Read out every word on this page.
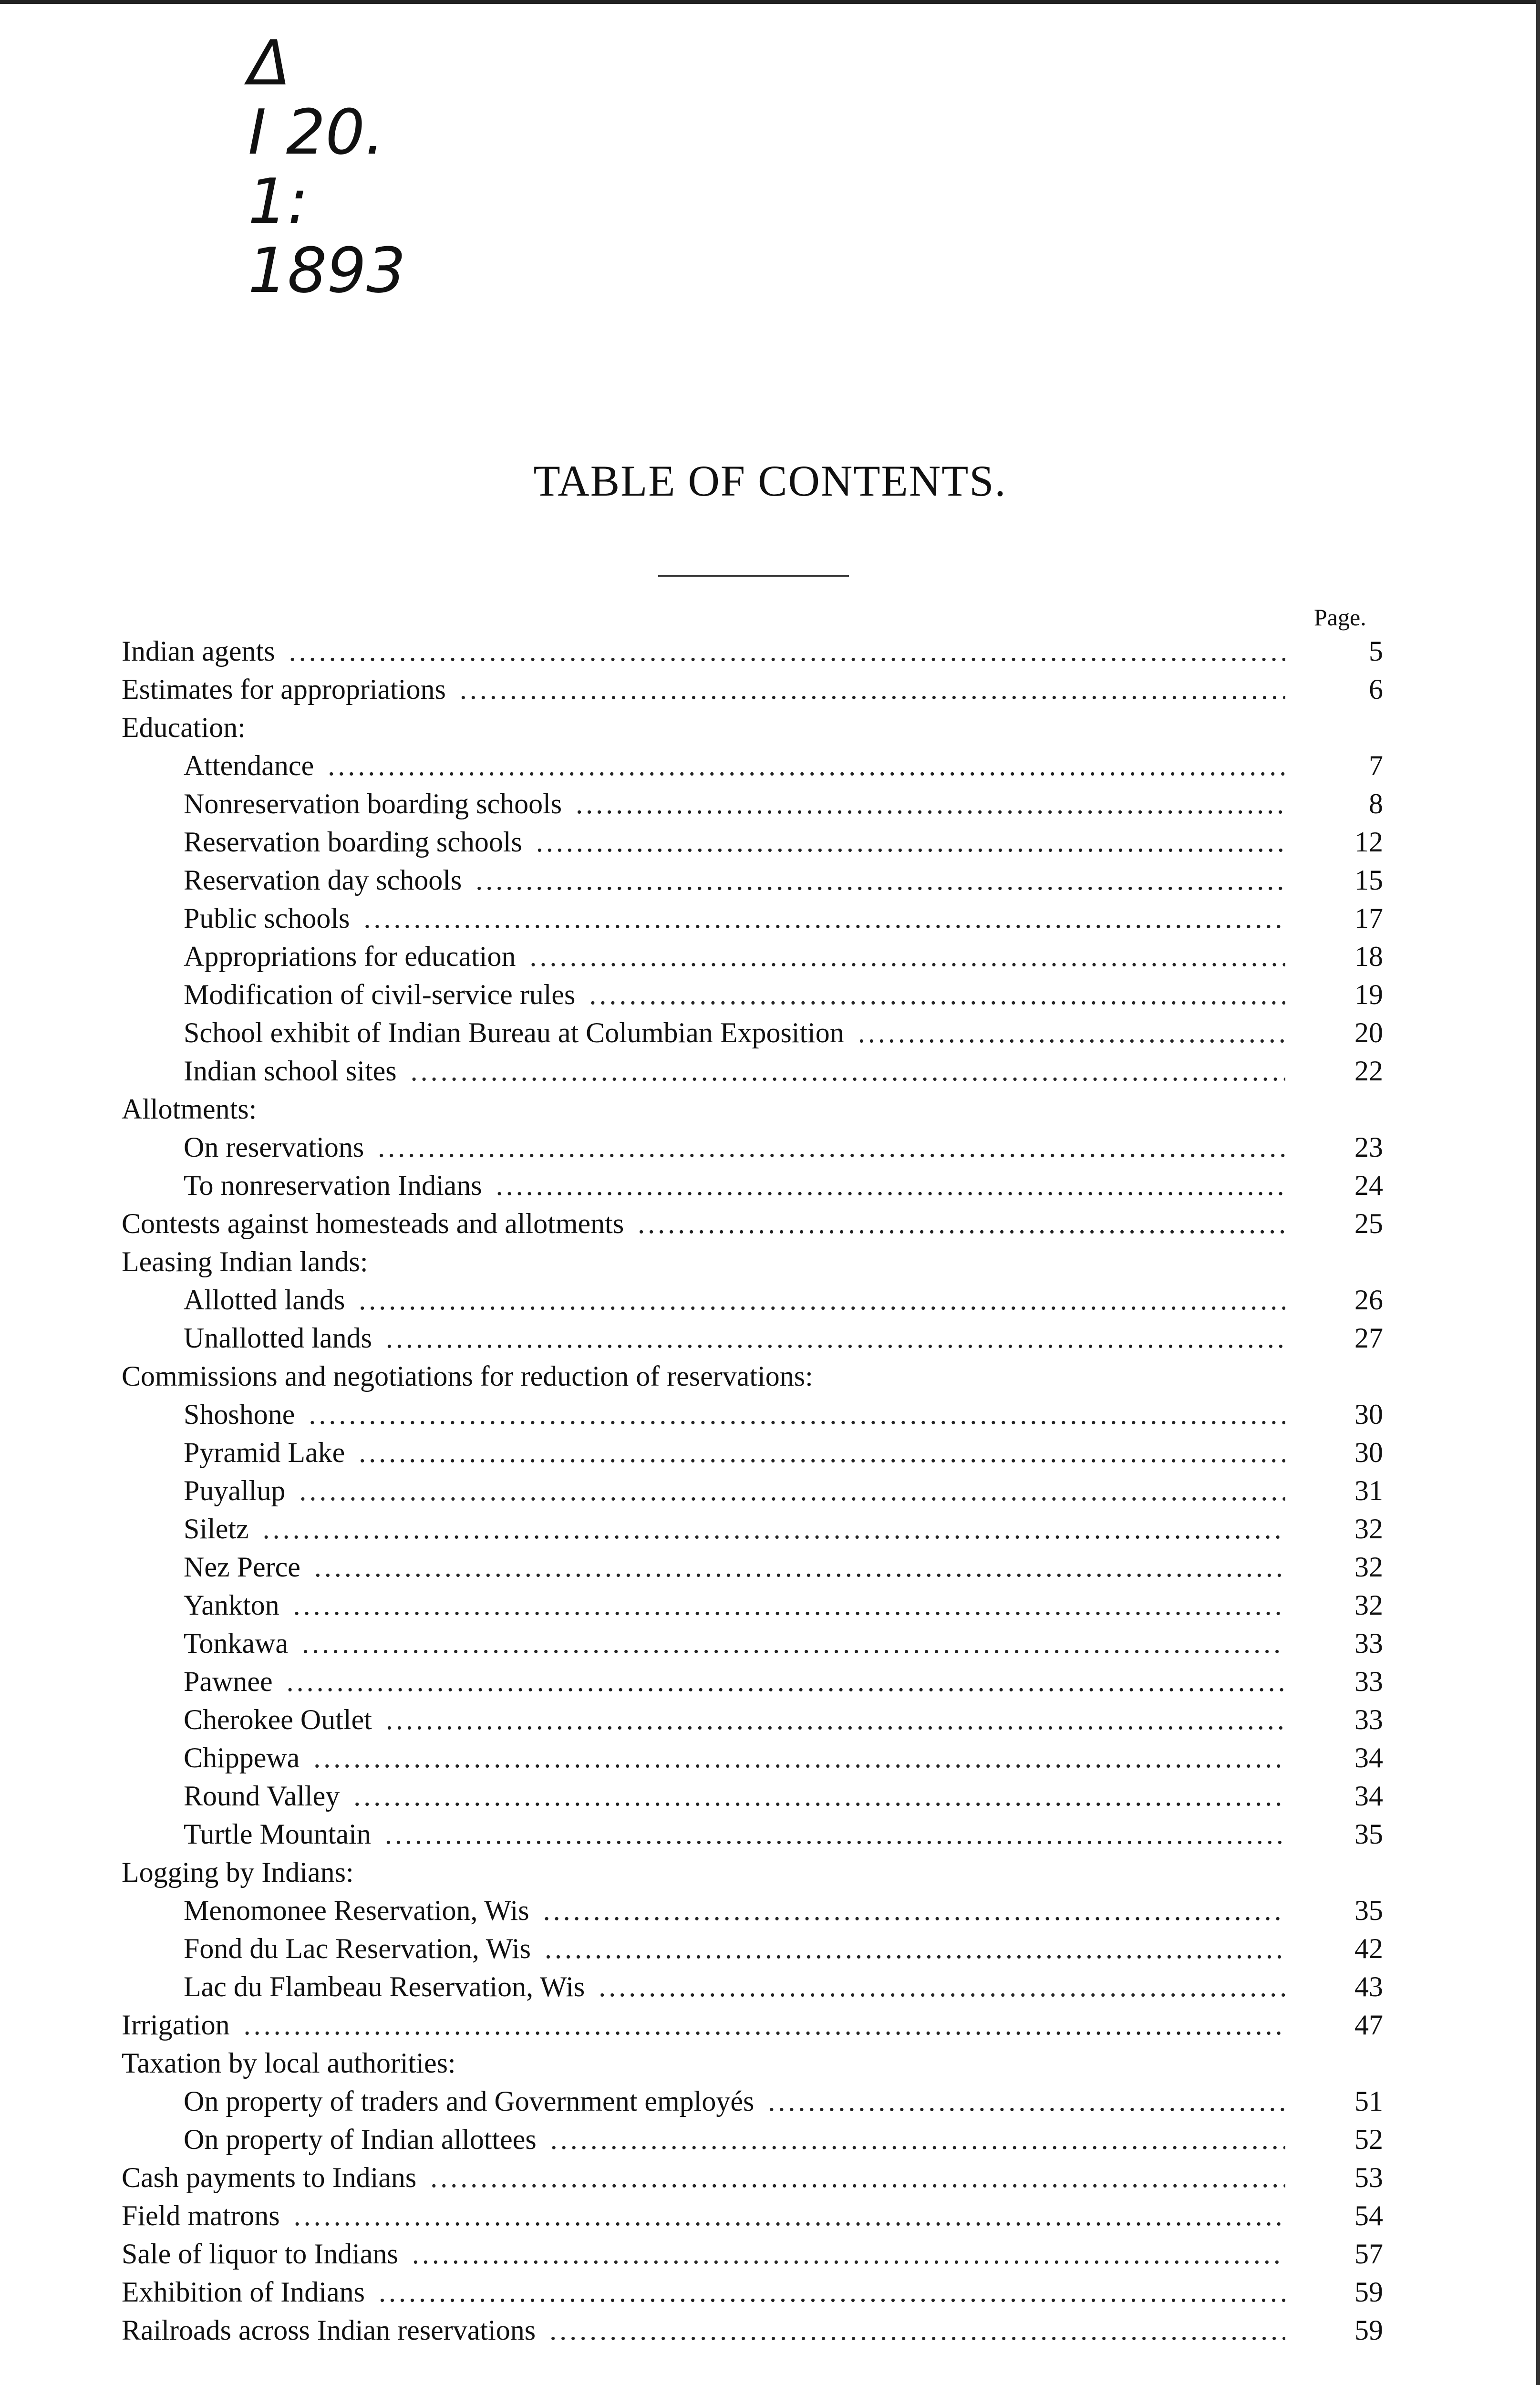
Δ
I 20.
1:
1893
TABLE OF CONTENTS.
Page.
Indian agents .....	5
Estimates for appropriations .....	6
Education:
Attendance .....	7
Nonreservation boarding schools .....	8
Reservation boarding schools .....	12
Reservation day schools .....	15
Public schools .....	17
Appropriations for education .....	18
Modification of civil-service rules .....	19
School exhibit of Indian Bureau at Columbian Exposition .....	20
Indian school sites .....	22
Allotments:
On reservations .....	23
To nonreservation Indians .....	24
Contests against homesteads and allotments .....	25
Leasing Indian lands:
Allotted lands .....	26
Unallotted lands .....	27
Commissions and negotiations for reduction of reservations:
Shoshone .....	30
Pyramid Lake .....	30
Puyallup .....	31
Siletz .....	32
Nez Perce .....	32
Yankton .....	32
Tonkawa .....	33
Pawnee .....	33
Cherokee Outlet .....	33
Chippewa .....	34
Round Valley .....	34
Turtle Mountain .....	35
Logging by Indians:
Menomonee Reservation, Wis .....	35
Fond du Lac Reservation, Wis .....	42
Lac du Flambeau Reservation, Wis .....	43
Irrigation .....	47
Taxation by local authorities:
On property of traders and Government employés .....	51
On property of Indian allottees .....	52
Cash payments to Indians .....	53
Field matrons .....	54
Sale of liquor to Indians .....	57
Exhibition of Indians .....	59
Railroads across Indian reservations .....	59
